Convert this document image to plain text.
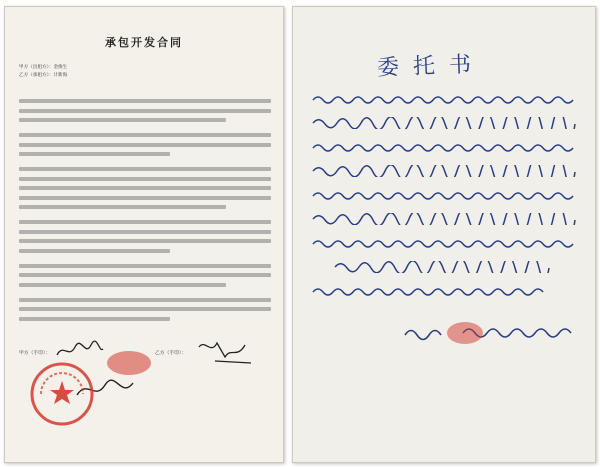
承包开发合同
甲方（出租方）：金俊生
乙方（承租方）：计新海
甲方（手印）：	乙方（手印）：
委托书
